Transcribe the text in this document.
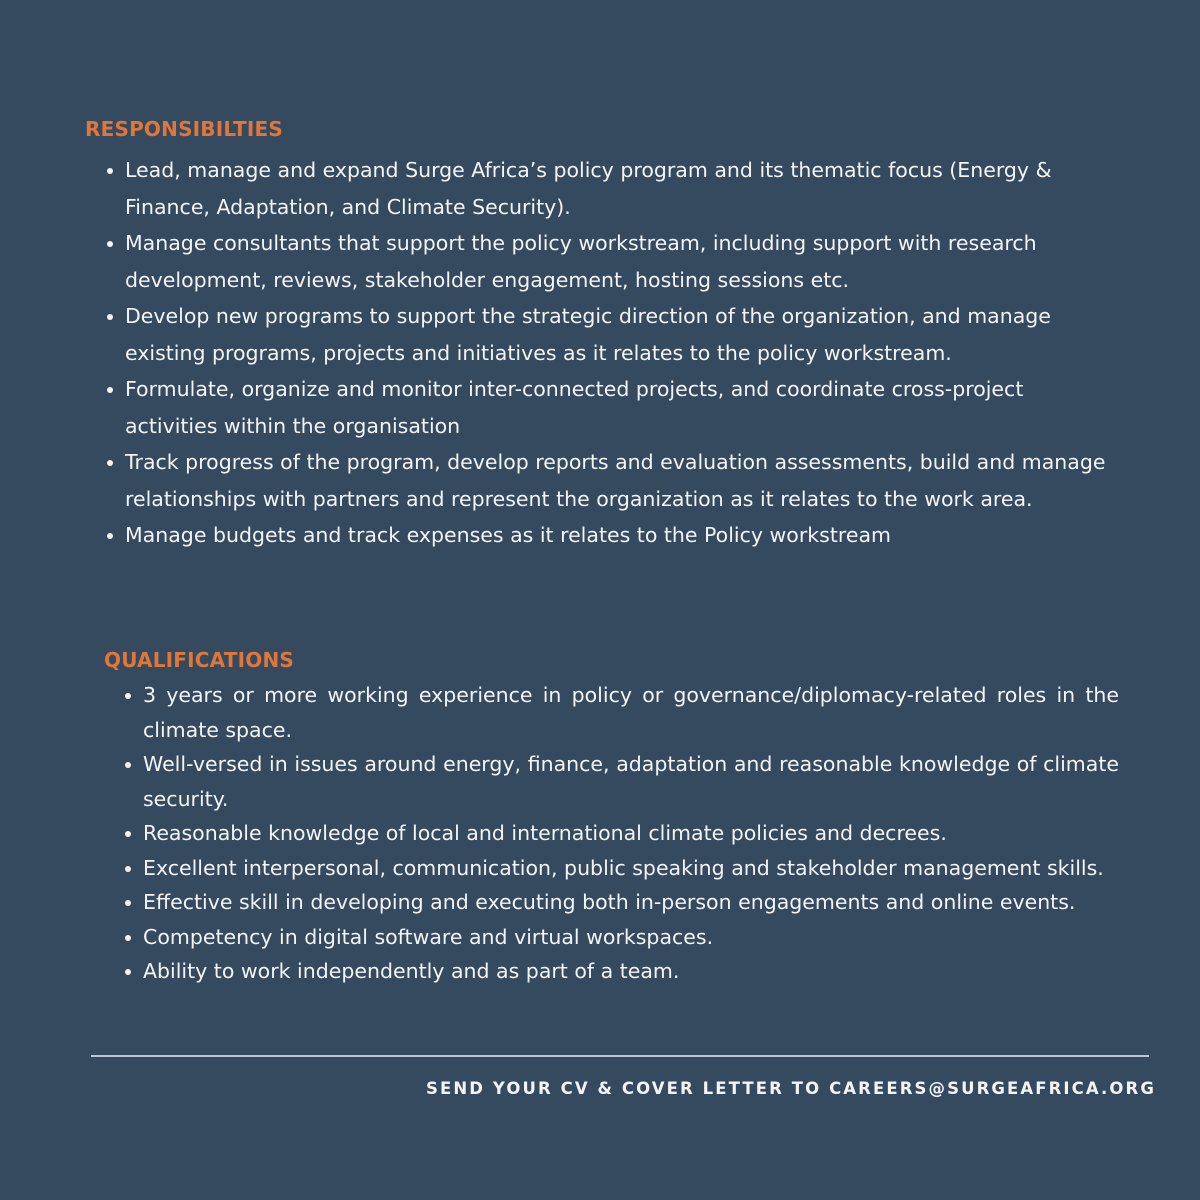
RESPONSIBILTIES
Lead, manage and expand Surge Africa’s policy program and its thematic focus (Energy & Finance, Adaptation, and Climate Security).
Manage consultants that support the policy workstream, including support with research development, reviews, stakeholder engagement, hosting sessions etc.
Develop new programs to support the strategic direction of the organization, and manage existing programs, projects and initiatives as it relates to the policy workstream.
Formulate, organize and monitor inter-connected projects, and coordinate cross-project activities within the organisation
Track progress of the program, develop reports and evaluation assessments, build and manage relationships with partners and represent the organization as it relates to the work area.
Manage budgets and track expenses as it relates to the Policy workstream
QUALIFICATIONS
3 years or more working experience in policy or governance/diplomacy-related roles in the climate space.
Well-versed in issues around energy, finance, adaptation and reasonable knowledge of climate security.
Reasonable knowledge of local and international climate policies and decrees.
Excellent interpersonal, communication, public speaking and stakeholder management skills.
Effective skill in developing and executing both in-person engagements and online events.
Competency in digital software and virtual workspaces.
Ability to work independently and as part of a team.

SEND YOUR CV & COVER LETTER TO CAREERS@SURGEAFRICA.ORG
